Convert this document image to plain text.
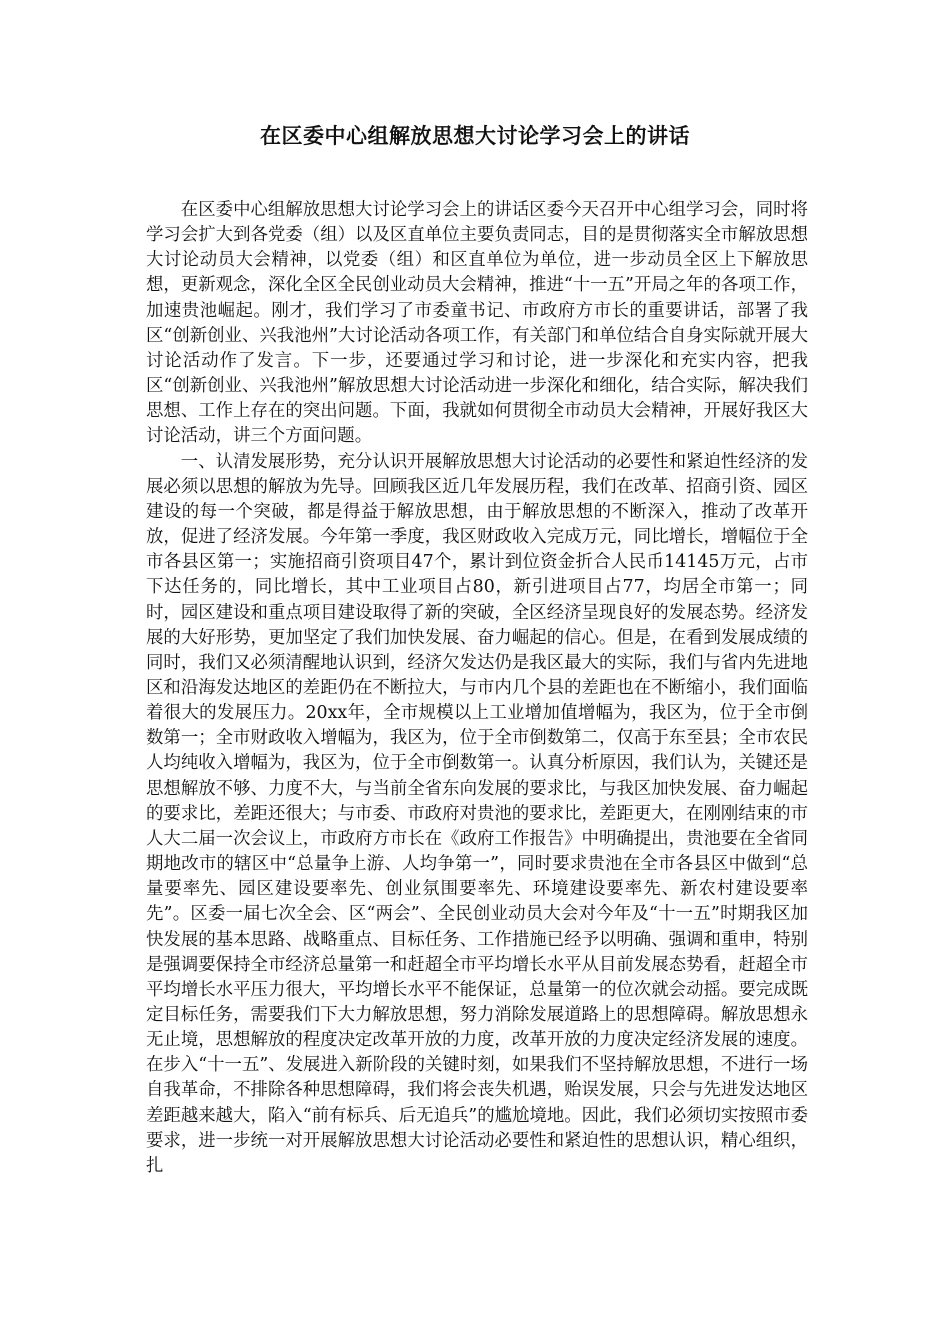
在区委中心组解放思想大讨论学习会上的讲话

在区委中心组解放思想大讨论学习会上的讲话区委今天召开中心组学习会，同时将学习会扩大到各党委（组）以及区直单位主要负责同志，目的是贯彻落实全市解放思想大讨论动员大会精神，以党委（组）和区直单位为单位，进一步动员全区上下解放思想，更新观念，深化全区全民创业动员大会精神，推进“十一五”开局之年的各项工作，加速贵池崛起。刚才，我们学习了市委童书记、市政府方市长的重要讲话，部署了我区“创新创业、兴我池州”大讨论活动各项工作，有关部门和单位结合自身实际就开展大讨论活动作了发言。下一步，还要通过学习和讨论，进一步深化和充实内容，把我区“创新创业、兴我池州”解放思想大讨论活动进一步深化和细化，结合实际，解决我们思想、工作上存在的突出问题。下面，我就如何贯彻全市动员大会精神，开展好我区大讨论活动，讲三个方面问题。

一、认清发展形势，充分认识开展解放思想大讨论活动的必要性和紧迫性经济的发展必须以思想的解放为先导。回顾我区近几年发展历程，我们在改革、招商引资、园区建设的每一个突破，都是得益于解放思想，由于解放思想的不断深入，推动了改革开放，促进了经济发展。今年第一季度，我区财政收入完成万元，同比增长，增幅位于全市各县区第一；实施招商引资项目47个，累计到位资金折合人民币14145万元，占市下达任务的，同比增长，其中工业项目占80，新引进项目占77，均居全市第一；同时，园区建设和重点项目建设取得了新的突破，全区经济呈现良好的发展态势。经济发展的大好形势，更加坚定了我们加快发展、奋力崛起的信心。但是，在看到发展成绩的同时，我们又必须清醒地认识到，经济欠发达仍是我区最大的实际，我们与省内先进地区和沿海发达地区的差距仍在不断拉大，与市内几个县的差距也在不断缩小，我们面临着很大的发展压力。20xx年，全市规模以上工业增加值增幅为，我区为，位于全市倒数第一；全市财政收入增幅为，我区为，位于全市倒数第二，仅高于东至县；全市农民人均纯收入增幅为，我区为，位于全市倒数第一。认真分析原因，我们认为，关键还是思想解放不够、力度不大，与当前全省东向发展的要求比，与我区加快发展、奋力崛起的要求比，差距还很大；与市委、市政府对贵池的要求比，差距更大，在刚刚结束的市人大二届一次会议上，市政府方市长在《政府工作报告》中明确提出，贵池要在全省同期地改市的辖区中“总量争上游、人均争第一”，同时要求贵池在全市各县区中做到“总量要率先、园区建设要率先、创业氛围要率先、环境建设要率先、新农村建设要率先”。区委一届七次全会、区“两会”、全民创业动员大会对今年及“十一五”时期我区加快发展的基本思路、战略重点、目标任务、工作措施已经予以明确、强调和重申，特别是强调要保持全市经济总量第一和赶超全市平均增长水平从目前发展态势看，赶超全市平均增长水平压力很大，平均增长水平不能保证，总量第一的位次就会动摇。要完成既定目标任务，需要我们下大力解放思想，努力消除发展道路上的思想障碍。解放思想永无止境，思想解放的程度决定改革开放的力度，改革开放的力度决定经济发展的速度。在步入“十一五”、发展进入新阶段的关键时刻，如果我们不坚持解放思想，不进行一场自我革命，不排除各种思想障碍，我们将会丧失机遇，贻误发展，只会与先进发达地区差距越来越大，陷入“前有标兵、后无追兵”的尴尬境地。因此，我们必须切实按照市委要求，进一步统一对开展解放思想大讨论活动必要性和紧迫性的思想认识，精心组织，扎
